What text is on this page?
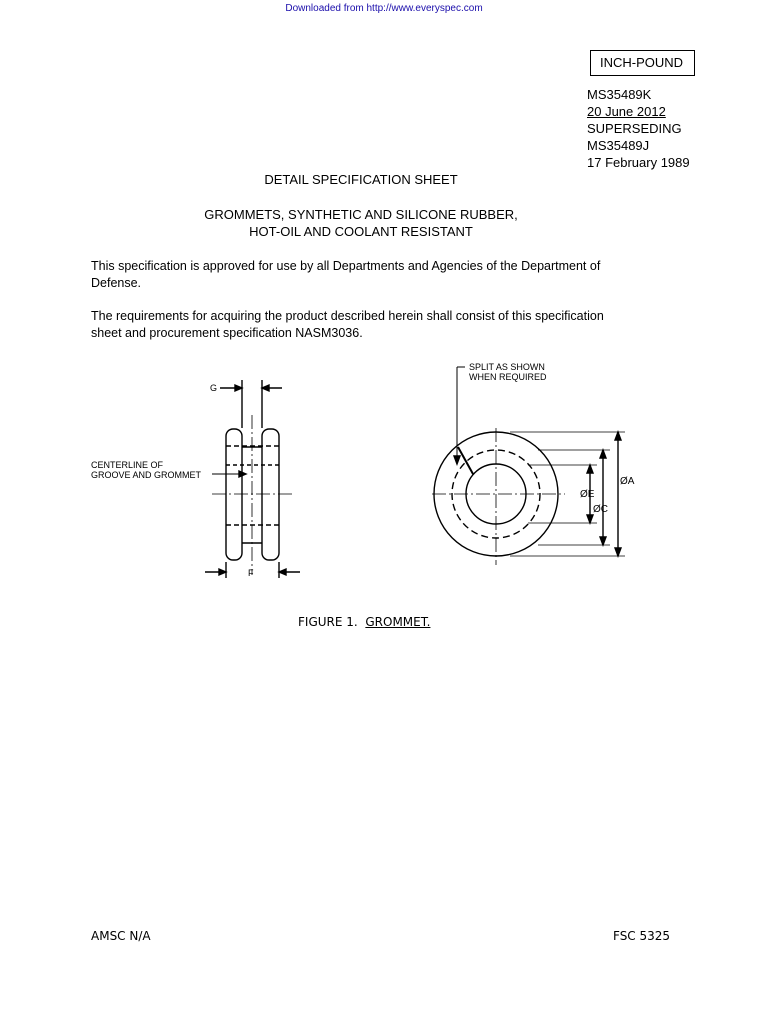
Downloaded from http://www.everyspec.com
INCH-POUND
MS35489K
20 June 2012
SUPERSEDING
MS35489J
17 February 1989
DETAIL SPECIFICATION SHEET
GROMMETS, SYNTHETIC AND SILICONE RUBBER,
HOT-OIL AND COOLANT RESISTANT
This specification is approved for use by all Departments and Agencies of the Department of Defense.
The requirements for acquiring the product described herein shall consist of this specification sheet and procurement specification NASM3036.
G
F
CENTERLINE OF
GROOVE AND GROMMET
SPLIT AS SHOWN
WHEN REQUIRED
ØA
ØE
ØC
FIGURE 1. GROMMET.
AMSC N/A	FSC 5325
